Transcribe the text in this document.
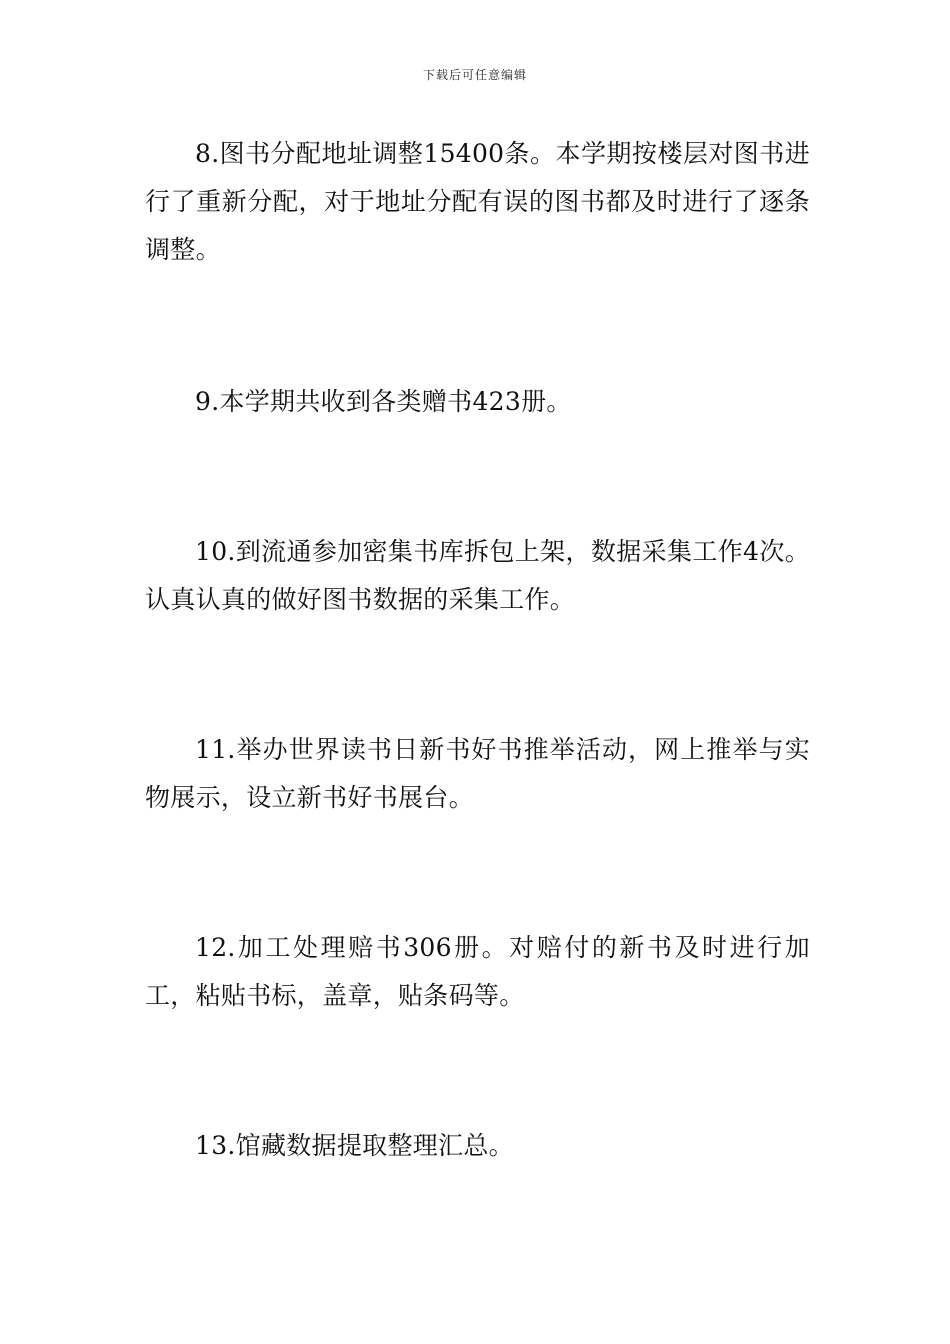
下载后可任意编辑

8.图书分配地址调整15400条。本学期按楼层对图书进行了重新分配，对于地址分配有误的图书都及时进行了逐条调整。

9.本学期共收到各类赠书423册。

10.到流通参加密集书库拆包上架，数据采集工作4次。认真认真的做好图书数据的采集工作。

11.举办世界读书日新书好书推举活动，网上推举与实物展示，设立新书好书展台。

12.加工处理赔书306册。对赔付的新书及时进行加工，粘贴书标，盖章，贴条码等。

13.馆藏数据提取整理汇总。
